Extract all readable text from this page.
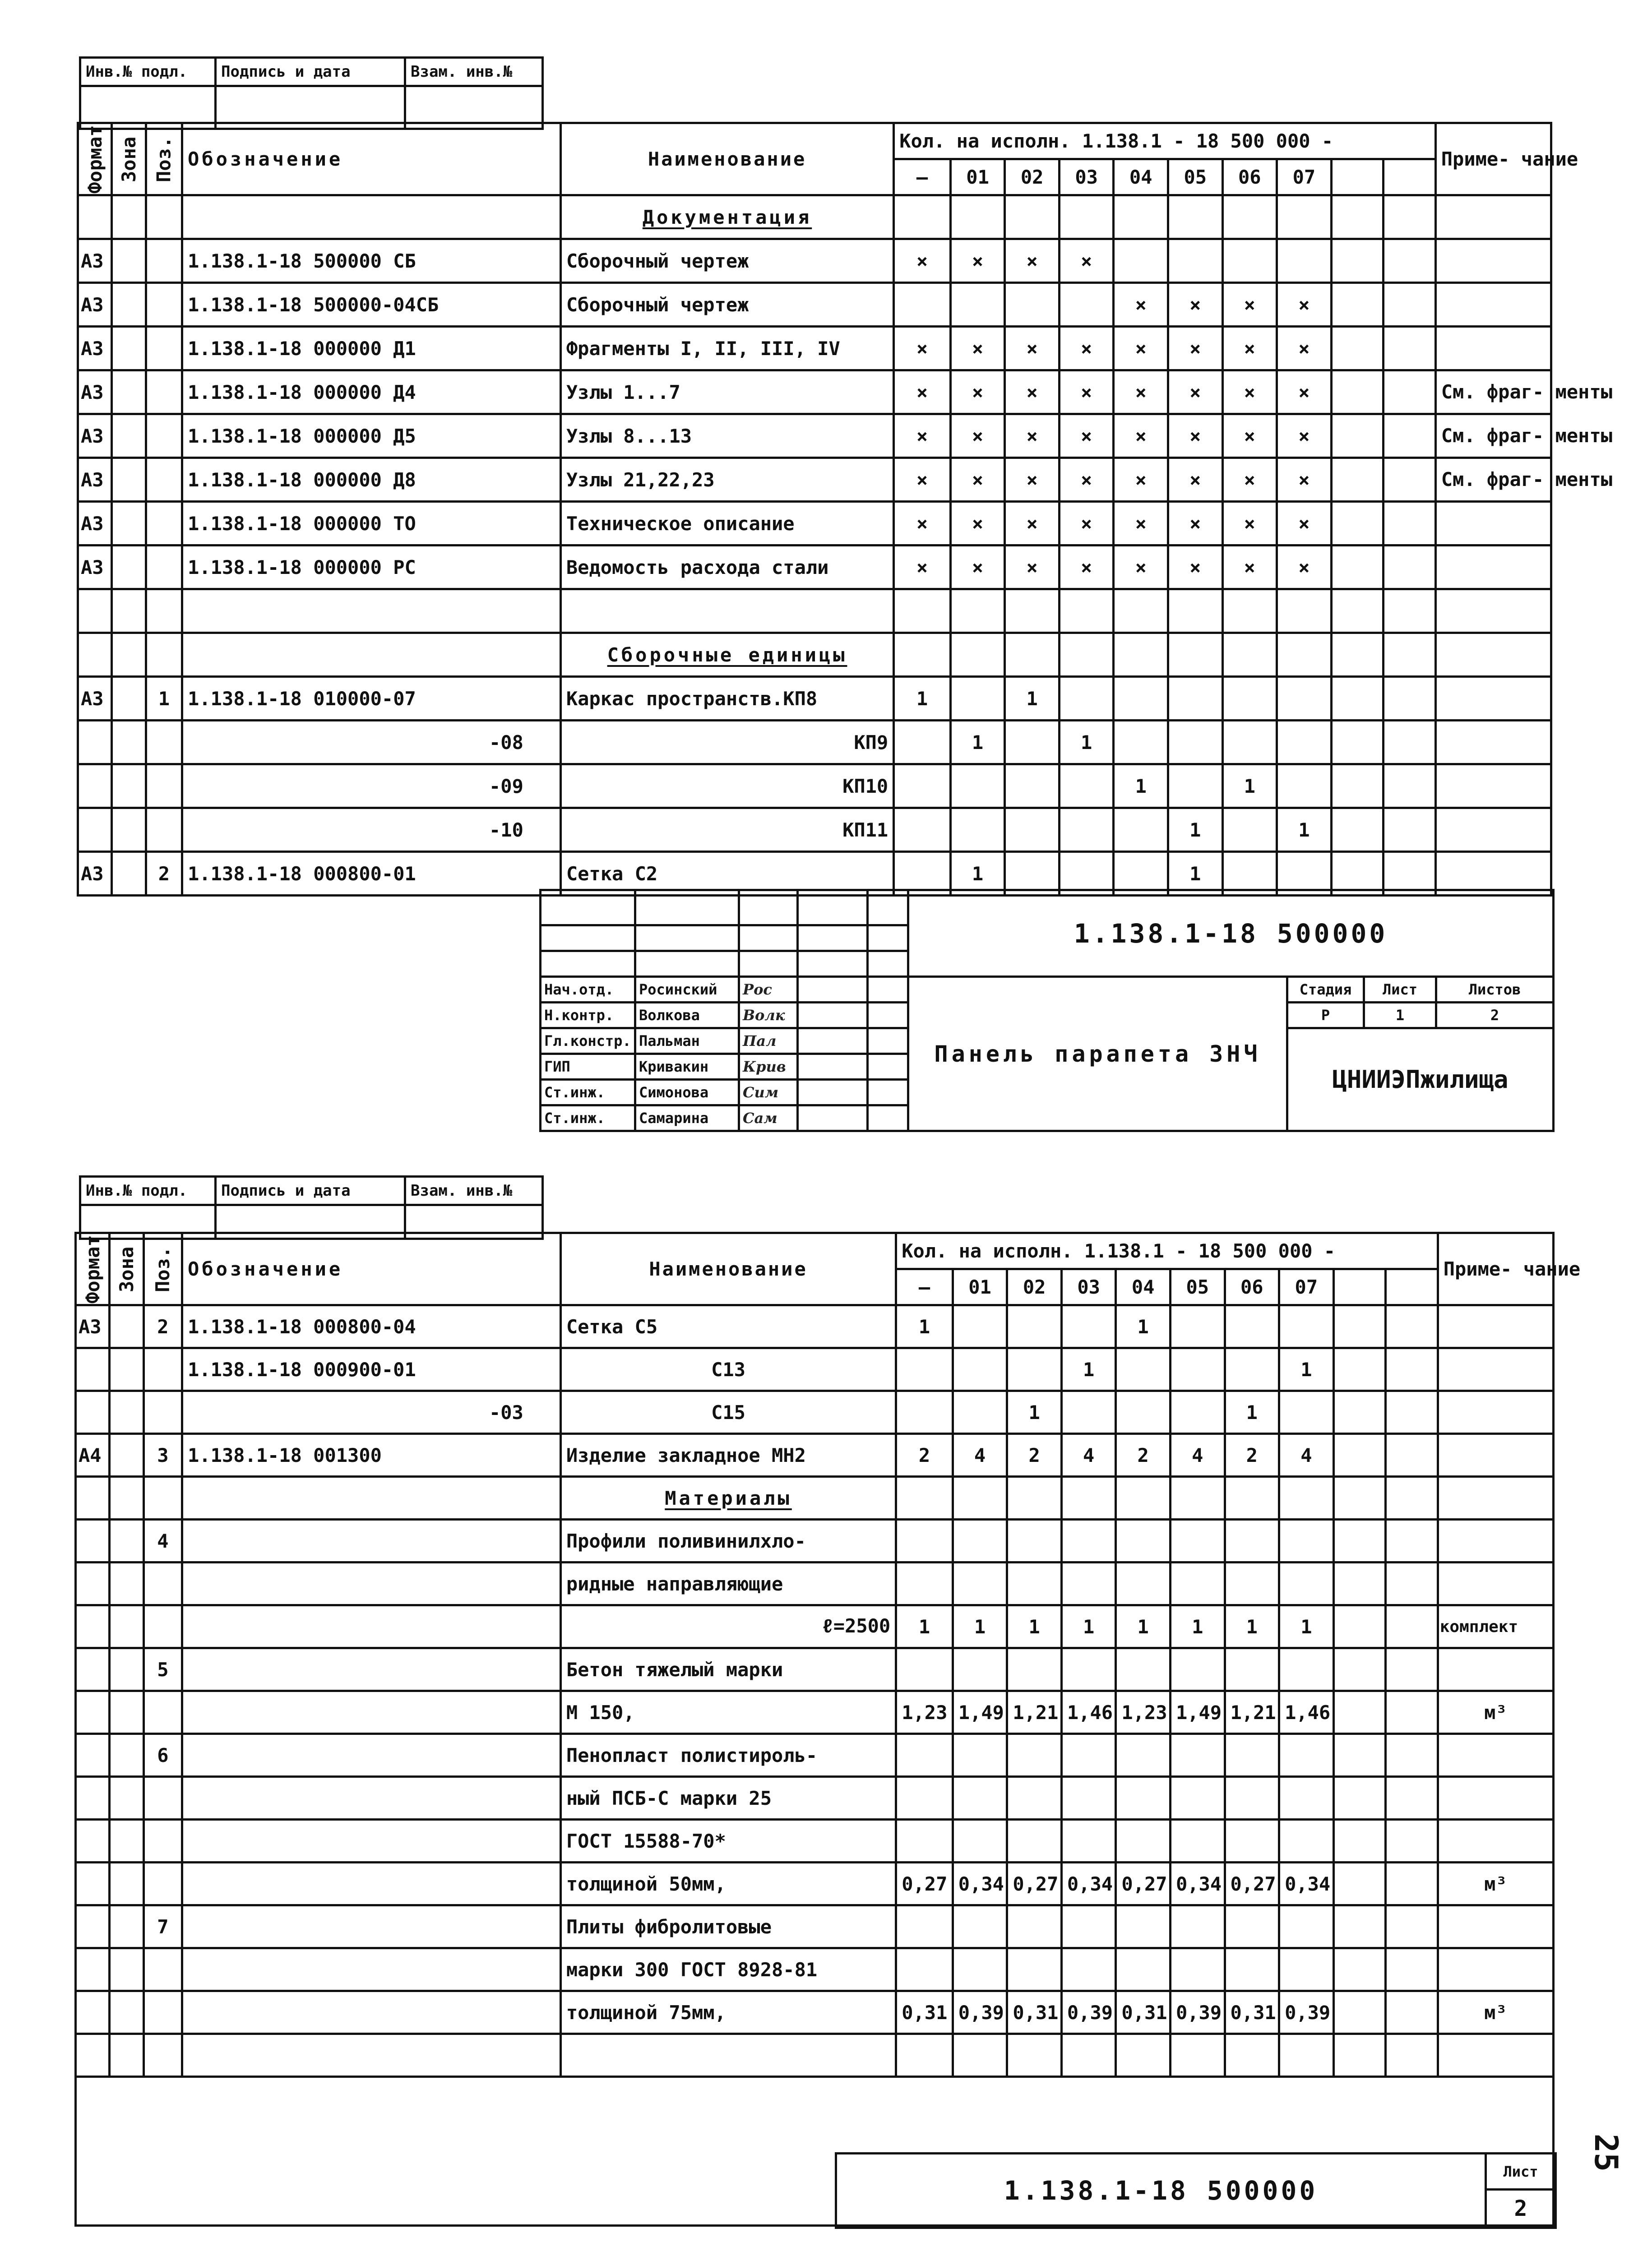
Инв.№ подл.	Подпись и дата	Взам. инв.№

Формат	Зона	Поз.	Обозначение	Наименование	Кол. на исполн. 1.138.1 - 18 500 000 -										Приме- чание
					—	01	02	03	04	05	06	07			
				Документация											
А3			1.138.1-18 500000 СБ	Сборочный чертеж	×	×	×	×							
А3			1.138.1-18 500000-04СБ	Сборочный чертеж					×	×	×	×			
А3			1.138.1-18 000000 Д1	Фрагменты I, II, III, IV	×	×	×	×	×	×	×	×			
А3			1.138.1-18 000000 Д4	Узлы 1...7	×	×	×	×	×	×	×	×			См. фраг- менты
А3			1.138.1-18 000000 Д5	Узлы 8...13	×	×	×	×	×	×	×	×			См. фраг- менты
А3			1.138.1-18 000000 Д8	Узлы 21,22,23	×	×	×	×	×	×	×	×			См. фраг- менты
А3			1.138.1-18 000000 ТО	Техническое описание	×	×	×	×	×	×	×	×			
А3			1.138.1-18 000000 РС	Ведомость расхода стали	×	×	×	×	×	×	×	×			

				Сборочные единицы											
А3		1	1.138.1-18 010000-07	Каркас пространств.КП8	1		1								
			-08	КП9		1		1							
			-09	КП10					1		1				
			-10	КП11						1		1			
А3		2	1.138.1-18 000800-01	Сетка С2		1				1					
					1.138.1-18 500000			

Нач.отд.	Росинский	Рос			Панель парапета ЗНЧ	Стадия	Лист	Листов
Н.контр.	Волкова	Волк				Р	1	2
Гл.констр.	Пальман	Пал				ЦНИИЭПжилища		
ГИП	Кривакин	Крив						
Ст.инж.	Симонова	Сим						
Ст.инж.	Самарина	Сам						
Инв.№ подл.	Подпись и дата	Взам. инв.№

Формат	Зона	Поз.	Обозначение	Наименование	Кол. на исполн. 1.138.1 - 18 500 000 -										Приме- чание
					—	01	02	03	04	05	06	07			
А3		2	1.138.1-18 000800-04	Сетка С5	1				1						
			1.138.1-18 000900-01	С13				1				1			
			-03	С15			1				1				
А4		3	1.138.1-18 001300	Изделие закладное МН2	2	4	2	4	2	4	2	4			
				Материалы											
		4		Профили поливинилхло-											
				ридные направляющие											
				ℓ=2500	1	1	1	1	1	1	1	1			комплект
		5		Бетон тяжелый марки											
				М 150,	1,23	1,49	1,21	1,46	1,23	1,49	1,21	1,46			м³
		6		Пенопласт полистироль-											
				ный ПСБ-С марки 25											
				ГОСТ 15588-70*											
				толщиной 50мм,	0,27	0,34	0,27	0,34	0,27	0,34	0,27	0,34			м³
		7		Плиты фибролитовые											
				марки 300 ГОСТ 8928-81											
				толщиной 75мм,	0,31	0,39	0,31	0,39	0,31	0,39	0,31	0,39			м³

1.138.1-18 500000	Лист
2
25
